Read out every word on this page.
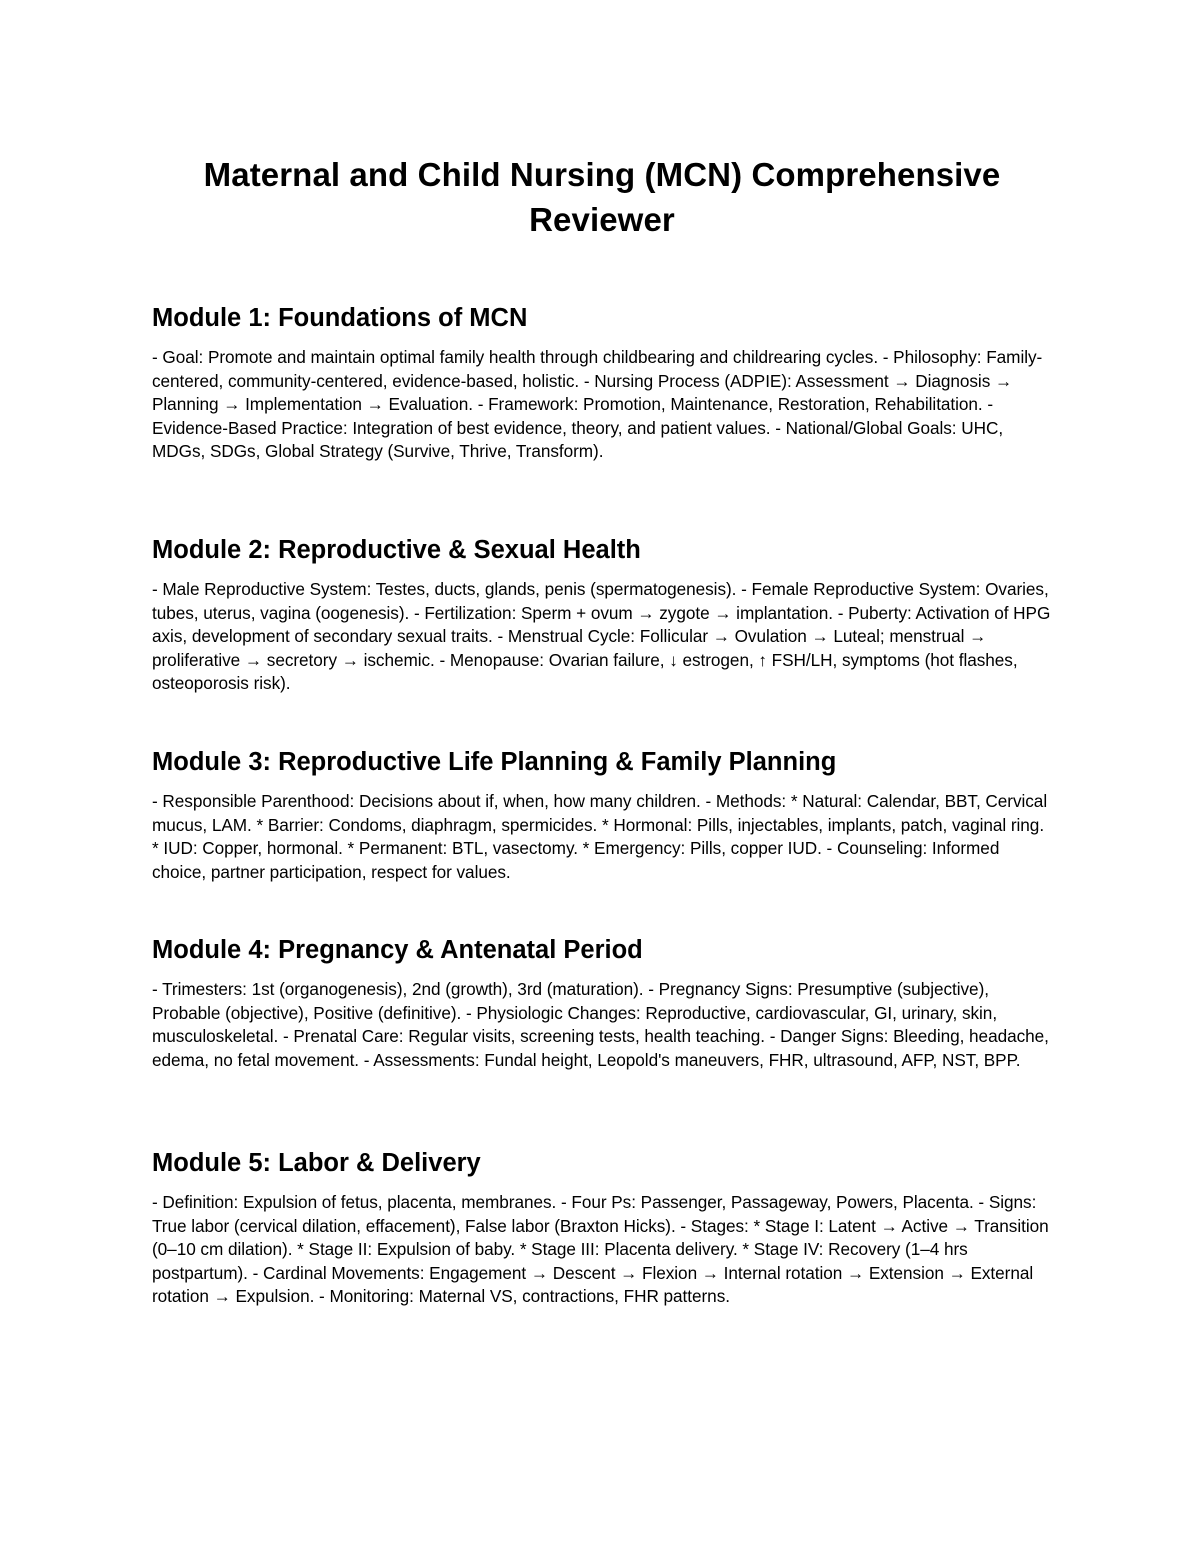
Maternal and Child Nursing (MCN) Comprehensive Reviewer
Module 1: Foundations of MCN

- Goal: Promote and maintain optimal family health through childbearing and childrearing cycles. - Philosophy: Family-centered, community-centered, evidence-based, holistic. - Nursing Process (ADPIE): Assessment → Diagnosis → Planning → Implementation → Evaluation. - Framework: Promotion, Maintenance, Restoration, Rehabilitation. - Evidence-Based Practice: Integration of best evidence, theory, and patient values. - National/Global Goals: UHC, MDGs, SDGs, Global Strategy (Survive, Thrive, Transform).

Module 2: Reproductive & Sexual Health

- Male Reproductive System: Testes, ducts, glands, penis (spermatogenesis). - Female Reproductive System: Ovaries, tubes, uterus, vagina (oogenesis). - Fertilization: Sperm + ovum → zygote → implantation. - Puberty: Activation of HPG axis, development of secondary sexual traits. - Menstrual Cycle: Follicular → Ovulation → Luteal; menstrual → proliferative → secretory → ischemic. - Menopause: Ovarian failure, ↓ estrogen, ↑ FSH/LH, symptoms (hot flashes, osteoporosis risk).

Module 3: Reproductive Life Planning & Family Planning

- Responsible Parenthood: Decisions about if, when, how many children. - Methods: * Natural: Calendar, BBT, Cervical mucus, LAM. * Barrier: Condoms, diaphragm, spermicides. * Hormonal: Pills, injectables, implants, patch, vaginal ring. * IUD: Copper, hormonal. * Permanent: BTL, vasectomy. * Emergency: Pills, copper IUD. - Counseling: Informed choice, partner participation, respect for values.

Module 4: Pregnancy & Antenatal Period

- Trimesters: 1st (organogenesis), 2nd (growth), 3rd (maturation). - Pregnancy Signs: Presumptive (subjective), Probable (objective), Positive (definitive). - Physiologic Changes: Reproductive, cardiovascular, GI, urinary, skin, musculoskeletal. - Prenatal Care: Regular visits, screening tests, health teaching. - Danger Signs: Bleeding, headache, edema, no fetal movement. - Assessments: Fundal height, Leopold's maneuvers, FHR, ultrasound, AFP, NST, BPP.

Module 5: Labor & Delivery

- Definition: Expulsion of fetus, placenta, membranes. - Four Ps: Passenger, Passageway, Powers, Placenta. - Signs: True labor (cervical dilation, effacement), False labor (Braxton Hicks). - Stages: * Stage I: Latent → Active → Transition (0–10 cm dilation). * Stage II: Expulsion of baby. * Stage III: Placenta delivery. * Stage IV: Recovery (1–4 hrs postpartum). - Cardinal Movements: Engagement → Descent → Flexion → Internal rotation → Extension → External rotation → Expulsion. - Monitoring: Maternal VS, contractions, FHR patterns.
